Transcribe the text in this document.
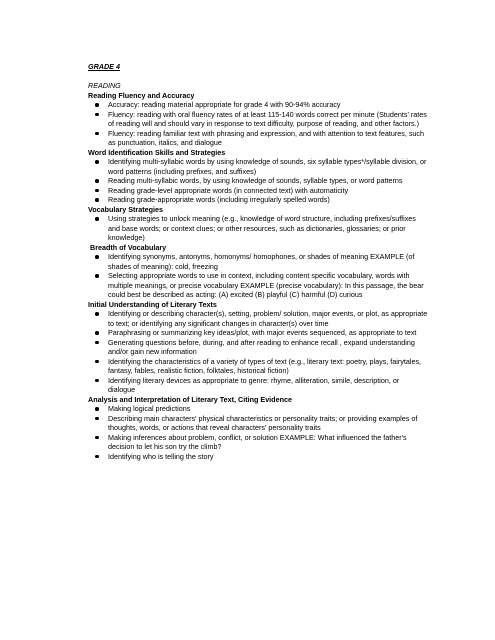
GRADE 4
READING
Reading Fluency and Accuracy
Accuracy: reading material appropriate for grade 4 with 90-94% accuracy
Fluency: reading with oral fluency rates of at least 115-140 words correct per minute (Students' rates of reading will and should vary in response to text difficulty, purpose of reading, and other factors.)
Fluency: reading familiar text with phrasing and expression, and with attention to text features, such as punctuation, italics, and dialogue
Word Identification Skills and Strategies
Identifying multi-syllabic words by using knowledge of sounds, six syllable types*/syllable division, or word patterns (including prefixes, and suffixes)
Reading multi-syllabic words, by using knowledge of sounds, syllable types, or word patterns
Reading grade-level appropriate words (in connected text) with automaticity
Reading grade-appropriate words (including irregularly spelled words)
Vocabulary Strategies
Using strategies to unlock meaning (e.g., knowledge of word structure, including prefixes/suffixes and base words; or context clues; or other resources, such as dictionaries, glossaries; or prior knowledge)
Breadth of Vocabulary
Identifying synonyms, antonyms, homonyms/ homophones, or shades of meaning EXAMPLE (of shades of meaning): cold, freezing
Selecting appropriate words to use in context, including content specific vocabulary, words with multiple meanings, or precise vocabulary EXAMPLE (precise vocabulary): In this passage, the bear could best be described as acting: (A) excited (B) playful (C) harmful (D) curious
Initial Understanding of Literary Texts
Identifying or describing character(s), setting, problem/ solution, major events, or plot, as appropriate to text; or identifying any significant changes in character(s) over time
Paraphrasing or summarizing key ideas/plot, with major events sequenced, as appropriate to text
Generating questions before, during, and after reading to enhance recall , expand understanding and/or gain new information
Identifying the characteristics of a variety of types of text (e.g., literary text: poetry, plays, fairytales, fantasy, fables, realistic fiction, folktales, historical fiction)
Identifying literary devices as appropriate to genre: rhyme, alliteration, simile, description, or dialogue
Analysis and Interpretation of Literary Text, Citing Evidence
Making logical predictions
Describing main characters' physical characteristics or personality traits; or providing examples of thoughts, words, or actions that reveal characters' personality traits
Making inferences about problem, conflict, or solution EXAMPLE: What influenced the father's decision to let his son try the climb?
Identifying who is telling the story
